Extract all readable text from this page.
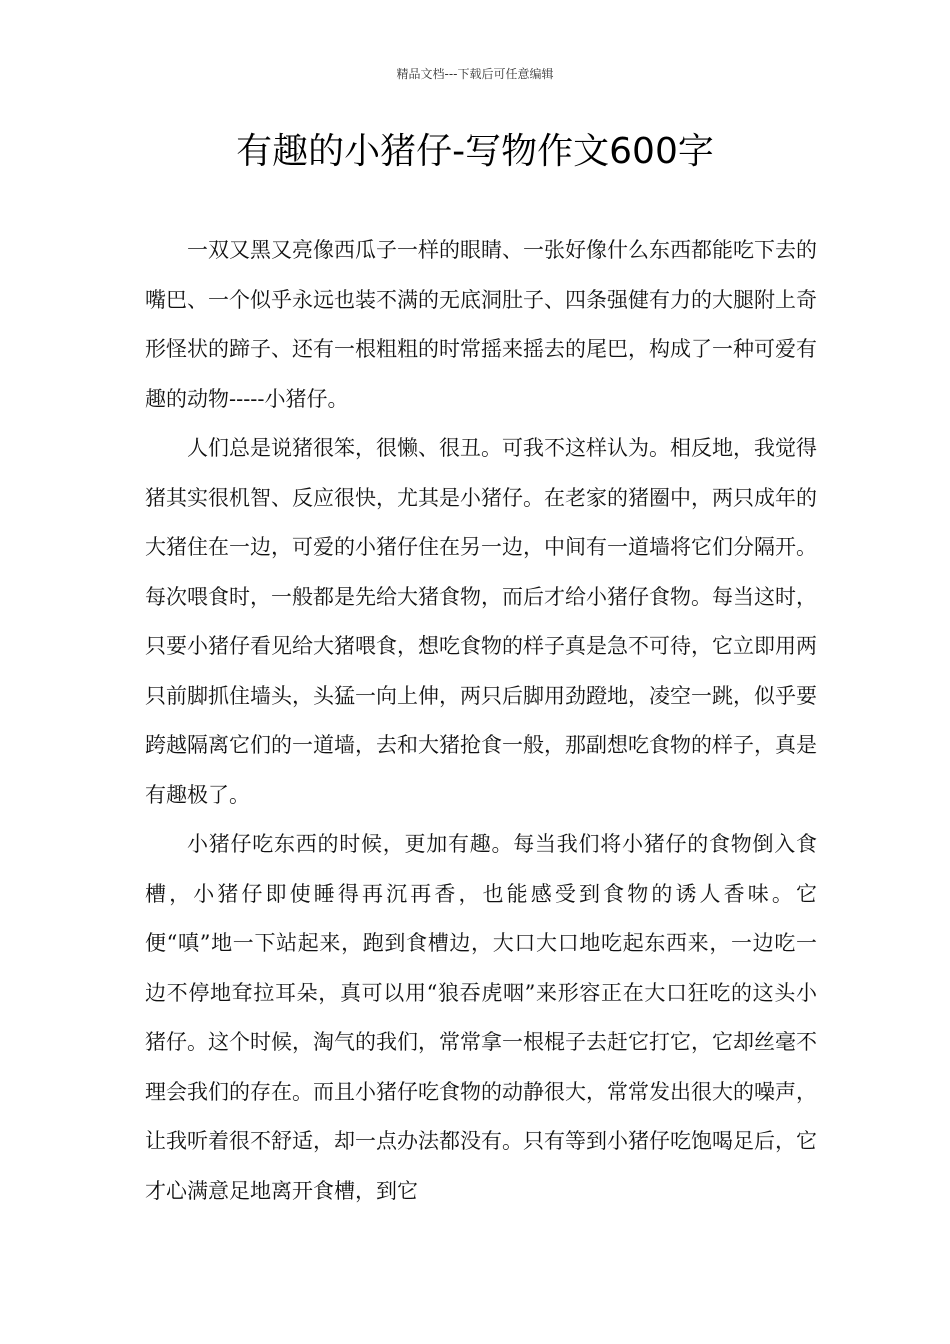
精品文档---下载后可任意编辑
有趣的小猪仔-写物作文600字

一双又黑又亮像西瓜子一样的眼睛、一张好像什么东西都能吃下去的嘴巴、一个似乎永远也装不满的无底洞肚子、四条强健有力的大腿附上奇形怪状的蹄子、还有一根粗粗的时常摇来摇去的尾巴，构成了一种可爱有趣的动物-----小猪仔。

人们总是说猪很笨，很懒、很丑。可我不这样认为。相反地，我觉得猪其实很机智、反应很快，尤其是小猪仔。在老家的猪圈中，两只成年的大猪住在一边，可爱的小猪仔住在另一边，中间有一道墙将它们分隔开。每次喂食时，一般都是先给大猪食物，而后才给小猪仔食物。每当这时，只要小猪仔看见给大猪喂食，想吃食物的样子真是急不可待，它立即用两只前脚抓住墙头，头猛一向上伸，两只后脚用劲蹬地，凌空一跳，似乎要跨越隔离它们的一道墙，去和大猪抢食一般，那副想吃食物的样子，真是有趣极了。

小猪仔吃东西的时候，更加有趣。每当我们将小猪仔的食物倒入食槽，小猪仔即使睡得再沉再香，也能感受到食物的诱人香味。它便“嗔”地一下站起来，跑到食槽边，大口大口地吃起东西来，一边吃一边不停地耷拉耳朵，真可以用“狼吞虎咽”来形容正在大口狂吃的这头小猪仔。这个时候，淘气的我们，常常拿一根棍子去赶它打它，它却丝毫不理会我们的存在。而且小猪仔吃食物的动静很大，常常发出很大的噪声，让我听着很不舒适，却一点办法都没有。只有等到小猪仔吃饱喝足后，它才心满意足地离开食槽，到它
